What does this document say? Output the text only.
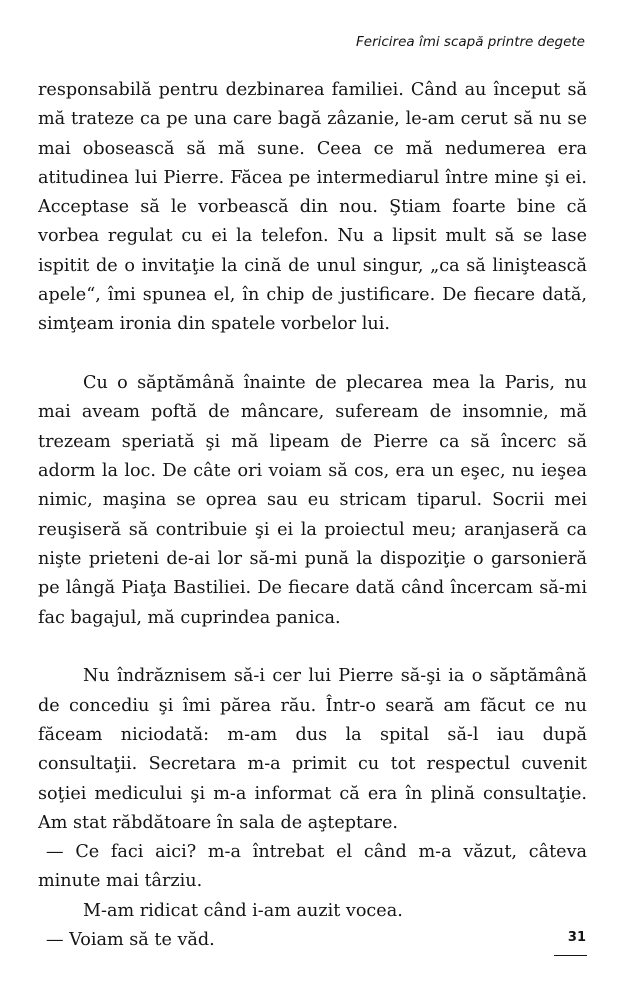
Fericirea îmi scapă printre degete

responsabilă pentru dezbinarea familiei. Când au început să mă trateze ca pe una care bagă zâzanie, le-am cerut să nu se mai obosească să mă sune. Ceea ce mă nedumerea era atitudinea lui Pierre. Făcea pe intermediarul între mine şi ei. Acceptase să le vorbească din nou. Ştiam foarte bine că vorbea regulat cu ei la telefon. Nu a lipsit mult să se lase ispitit de o invitaţie la cină de unul singur, „ca să liniştească apele“, îmi spunea el, în chip de justificare. De fiecare dată, simţeam ironia din spatele vorbelor lui.

Cu o săptămână înainte de plecarea mea la Paris, nu mai aveam poftă de mâncare, suferеam de insomnie, mă trezeam speriată şi mă lipeam de Pierre ca să încerc să adorm la loc. De câte ori voiam să cos, era un eşec, nu ieşea nimic, maşina se oprea sau eu stricam tiparul. Socrii mei reuşiseră să contribuie şi ei la proiectul meu; aranjaseră ca nişte prieteni de-ai lor să-mi pună la dispoziţie o garsonieră pe lângă Piaţa Bastiliei. De fiecare dată când încercam să-mi fac bagajul, mă cuprindea panica.

Nu îndrăznisem să-i cer lui Pierre să-şi ia o săptămână de concediu şi îmi părea rău. Într-o seară am făcut ce nu făceam niciodată: m-am dus la spital să-l iau după consultaţii. Secretara m-a primit cu tot respectul cuvenit soţiei medicului şi m-a informat că era în plină consultaţie. Am stat răbdătoare în sala de aşteptare.

— Ce faci aici? m-a întrebat el când m-a văzut, câteva minute mai târziu.

M-am ridicat când i-am auzit vocea.

— Voiam să te văd.	31
